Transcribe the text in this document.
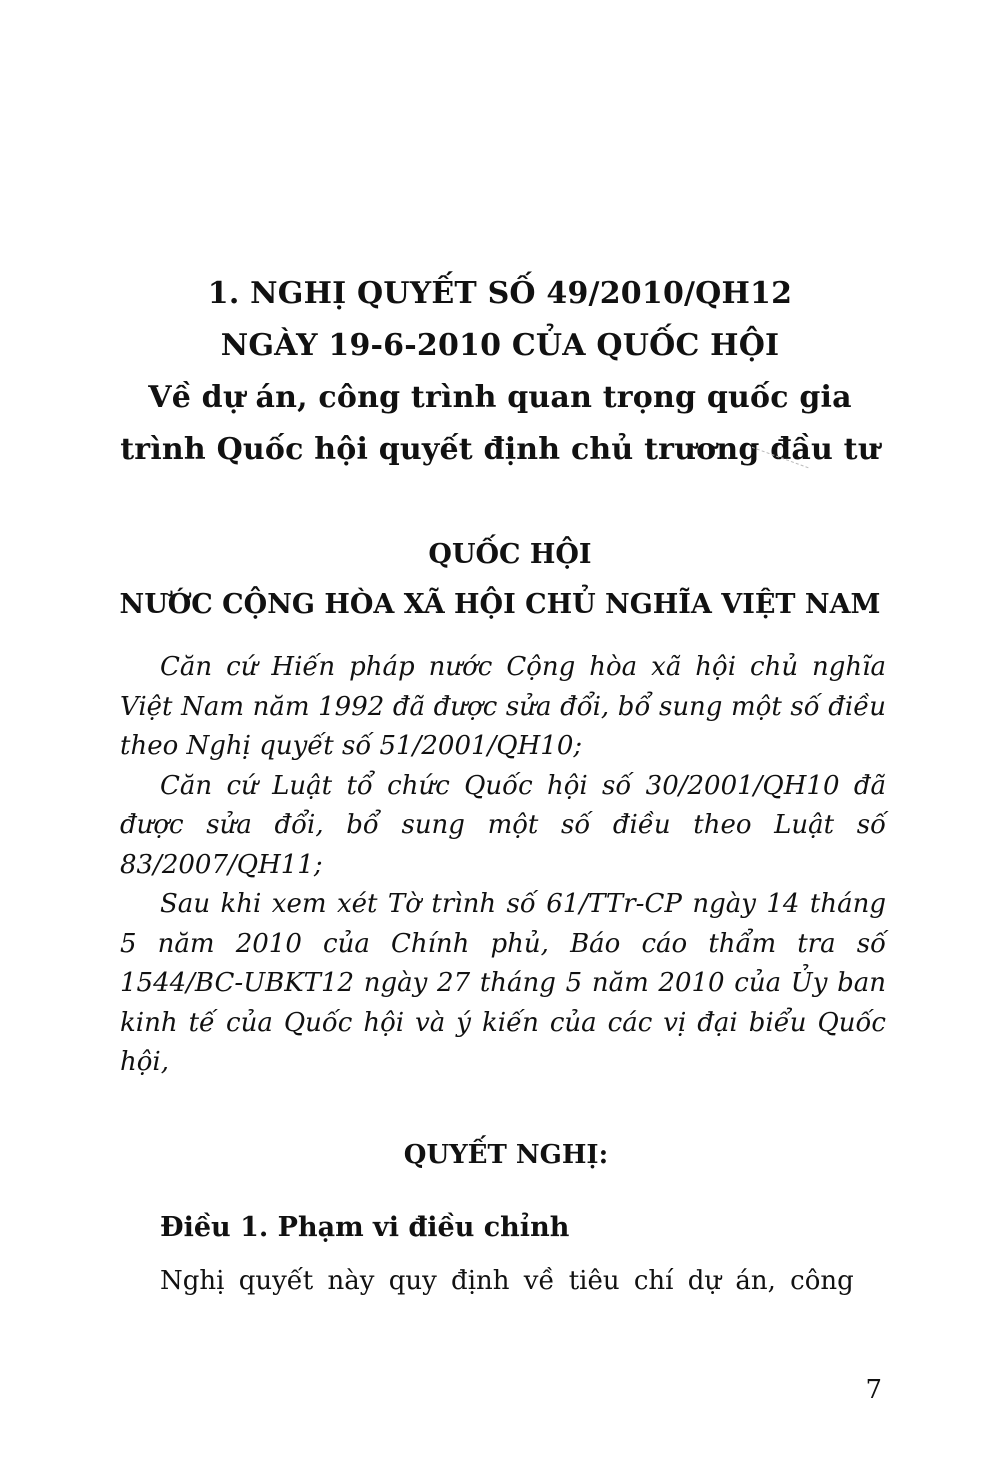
1. NGHỊ QUYẾT SỐ 49/2010/QH12
NGÀY 19-6-2010 CỦA QUỐC HỘI
Về dự án, công trình quan trọng quốc gia
trình Quốc hội quyết định chủ trương đầu tư
QUỐC HỘI
NƯỚC CỘNG HÒA XÃ HỘI CHỦ NGHĨA VIỆT NAM

Căn cứ Hiến pháp nước Cộng hòa xã hội chủ nghĩa Việt Nam năm 1992 đã được sửa đổi, bổ sung một số điều theo Nghị quyết số 51/2001/QH10;

Căn cứ Luật tổ chức Quốc hội số 30/2001/QH10 đã được sửa đổi, bổ sung một số điều theo Luật số 83/2007/QH11;

Sau khi xem xét Tờ trình số 61/TTr-CP ngày 14 tháng 5 năm 2010 của Chính phủ, Báo cáo thẩm tra số 1544/BC-UBKT12 ngày 27 tháng 5 năm 2010 của Ủy ban kinh tế của Quốc hội và ý kiến của các vị đại biểu Quốc hội,

QUYẾT NGHỊ:
Điều 1. Phạm vi điều chỉnh
Nghị quyết này quy định về tiêu chí dự án, công
7
